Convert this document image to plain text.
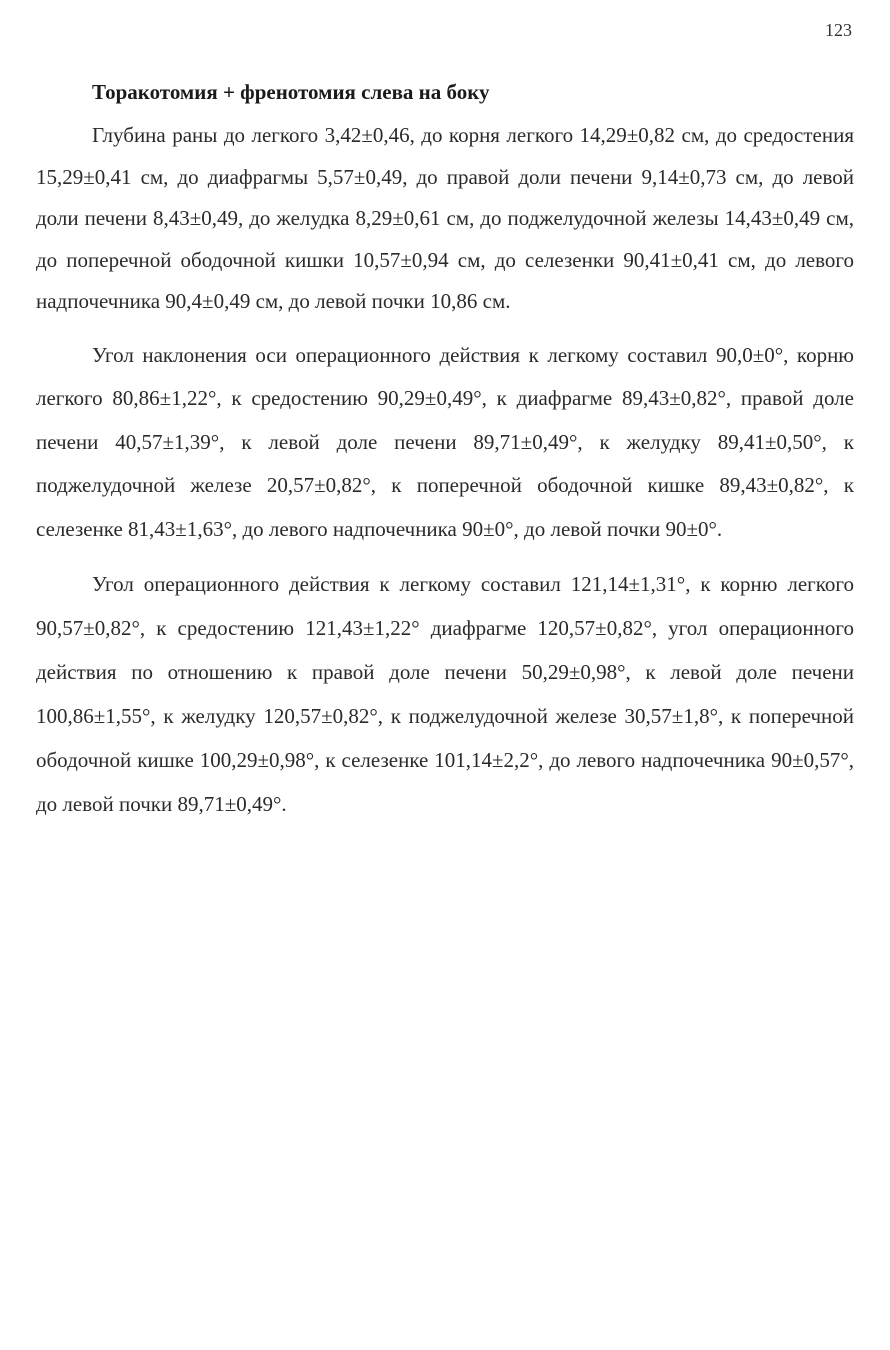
123
Торакотомия + френотомия слева на боку

Глубина раны до легкого 3,42±0,46, до корня легкого 14,29±0,82 см, до средостения 15,29±0,41 см, до диафрагмы 5,57±0,49, до правой доли печени 9,14±0,73 см, до левой доли печени 8,43±0,49, до желудка 8,29±0,61 см, до поджелудочной железы 14,43±0,49 см, до поперечной ободочной кишки 10,57±0,94 см, до селезенки 90,41±0,41 см, до левого надпочечника 90,4±0,49 см, до левой почки 10,86 см.

Угол наклонения оси операционного действия к легкому составил 90,0±0°, корню легкого 80,86±1,22°, к средостению 90,29±0,49°, к диафрагме 89,43±0,82°, правой доле печени 40,57±1,39°, к левой доле печени 89,71±0,49°, к желудку 89,41±0,50°, к поджелудочной железе 20,57±0,82°, к поперечной ободочной кишке 89,43±0,82°, к селезенке 81,43±1,63°, до левого надпочечника 90±0°, до левой почки 90±0°.

Угол операционного действия к легкому составил 121,14±1,31°, к корню легкого 90,57±0,82°, к средостению 121,43±1,22° диафрагме 120,57±0,82°, угол операционного действия по отношению к правой доле печени 50,29±0,98°, к левой доле печени 100,86±1,55°, к желудку 120,57±0,82°, к поджелудочной железе 30,57±1,8°, к поперечной ободочной кишке 100,29±0,98°, к селезенке 101,14±2,2°, до левого надпочечника 90±0,57°, до левой почки 89,71±0,49°.
